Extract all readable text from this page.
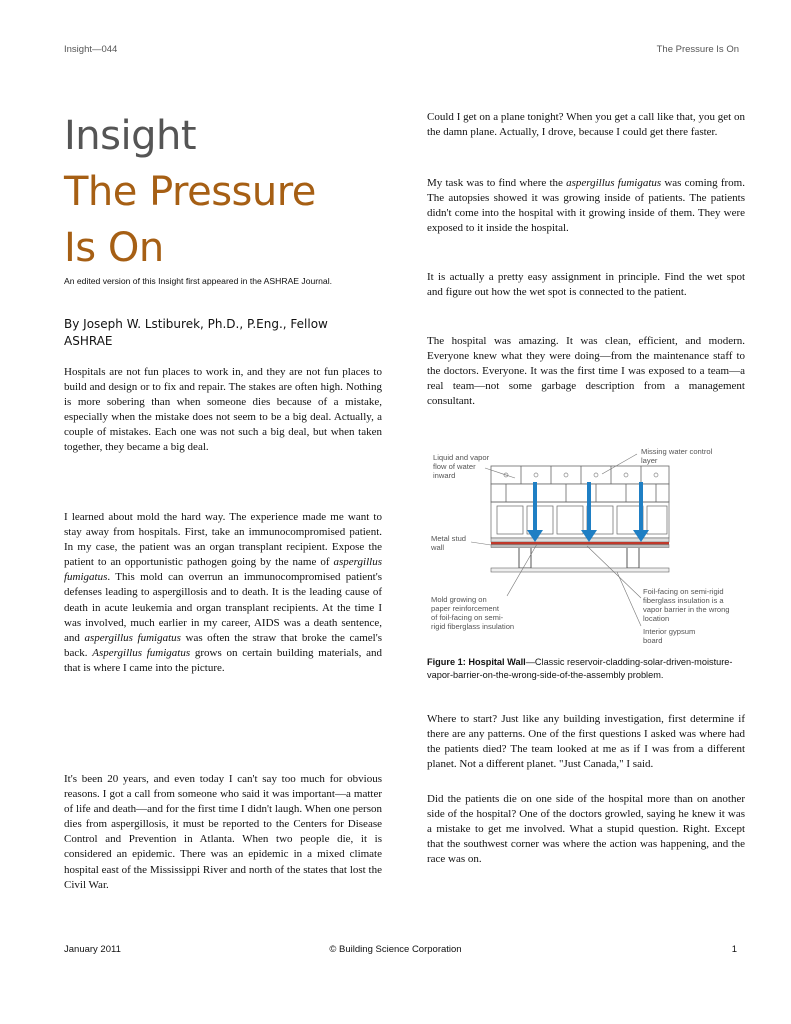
Insight—044	The Pressure Is On
Insight
The Pressure
Is On
An edited version of this Insight first appeared in the ASHRAE Journal.
By Joseph W. Lstiburek, Ph.D., P.Eng., Fellow ASHRAE

Hospitals are not fun places to work in, and they are not fun places to build and design or to fix and repair. The stakes are often high. Nothing is more sobering than when someone dies because of a mistake, especially when the mistake does not seem to be a big deal. Actually, a couple of mistakes. Each one was not such a big deal, but when taken together, they became a big deal.

I learned about mold the hard way. The experience made me want to stay away from hospitals. First, take an immunocompromised patient. In my case, the patient was an organ transplant recipient. Expose the patient to an opportunistic pathogen going by the name of aspergillus fumigatus. This mold can overrun an immunocompromised patient's defenses leading to aspergillosis and to death. It is the leading cause of death in acute leukemia and organ transplant recipients. At the time I was involved, much earlier in my career, AIDS was a death sentence, and aspergillus fumigatus was often the straw that broke the camel's back. Aspergillus fumigatus grows on certain building materials, and that is where I came into the picture.

It's been 20 years, and even today I can't say too much for obvious reasons. I got a call from someone who said it was important—a matter of life and death—and for the first time I didn't laugh. When one person dies from aspergillosis, it must be reported to the Centers for Disease Control and Prevention in Atlanta. When two people die, it is considered an epidemic. There was an epidemic in a mixed climate hospital east of the Mississippi River and north of the states that lost the Civil War.

Could I get on a plane tonight? When you get a call like that, you get on the damn plane. Actually, I drove, because I could get there faster.

My task was to find where the aspergillus fumigatus was coming from. The autopsies showed it was growing inside of patients. The patients didn't come into the hospital with it growing inside of them. They were exposed to it inside the hospital.

It is actually a pretty easy assignment in principle. Find the wet spot and figure out how the wet spot is connected to the patient.

The hospital was amazing. It was clean, efficient, and modern. Everyone knew what they were doing—from the maintenance staff to the doctors. Everyone. It was the first time I was exposed to a team—a real team—not some garbage description from a management consultant.

Liquid and vapor flow of water inward
Missing water control layer
Metal stud wall
Mold growing on paper reinforcement of foil-facing on semi- rigid fiberglass insulation
Foil-facing on semi-rigid fiberglass insulation is a vapor barrier in the wrong location
Interior gypsum board
Figure 1: Hospital Wall—Classic reservoir-cladding-solar-driven-moisture-vapor-barrier-on-the-wrong-side-of-the-assembly problem.

Where to start? Just like any building investigation, first determine if there are any patterns. One of the first questions I asked was where had the patients died? The team looked at me as if I was from a different planet. Not a different planet. "Just Canada," I said.

Did the patients die on one side of the hospital more than on another side of the hospital? One of the doctors growled, saying he knew it was a mistake to get me involved. What a stupid question. Right. Except that the southwest corner was where the action was happening, and the race was on.

January 2011	© Building Science Corporation	1
